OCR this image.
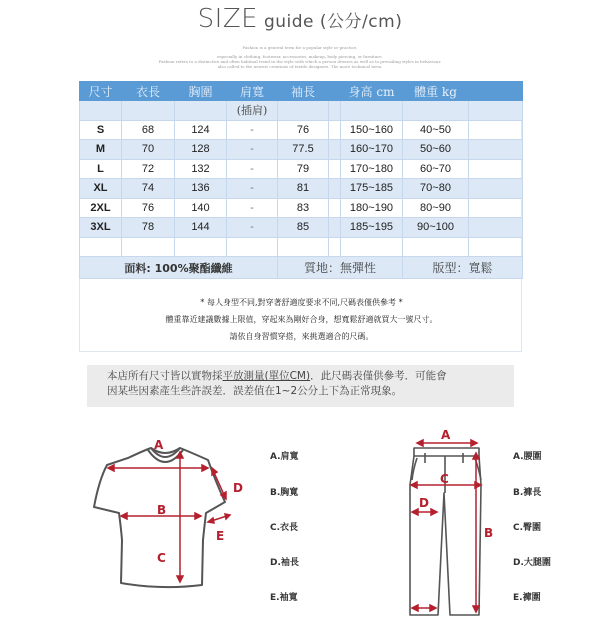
SIZE guide (公分/cm)
Fashion is a general term for a popular style or practice,
especially in clothing, footwear, accessories, makeup, body piercing, or furniture.
Fashion refers to a distinctive and often habitual trend in the style with which a person dresses as well as to prevailing styles in behaviour.
also called to the newest creations of textile designers. The more technical term.
尺寸	衣長	胸圍	肩寬	袖長		身高 cm	體重 kg	
			(插肩)					
S	68	124	-	76		150~160	40~50	
M	70	128	-	77.5		160~170	50~60	
L	72	132	-	79		170~180	60~70	
XL	74	136	-	81		175~185	70~80	
2XL	76	140	-	83		180~190	80~90	
3XL	78	144	-	85		185~195	90~100	

面料: 100%聚酯纖維				質地：無彈性			版型：寬鬆	
* 每人身型不同,對穿著舒適度要求不同,尺碼表僅供參考 *
體重靠近建議數據上限值，穿起來為剛好合身，想寬鬆舒適就買大一號尺寸。
請依自身習慣穿搭，來挑選適合的尺碼。
本店所有尺寸皆以實物採平放測量(單位CM)．此尺碼表僅供參考．可能會
因某些因素產生些許誤差．誤差值在1~2公分上下為正常現象。
A
B
C
D
E
A.肩寬
B.胸寬
C.衣長
D.袖長
E.袖寬
A
B
C
D
A.腰圍
B.褲長
C.臀圍
D.大腿圍
E.褲圍
